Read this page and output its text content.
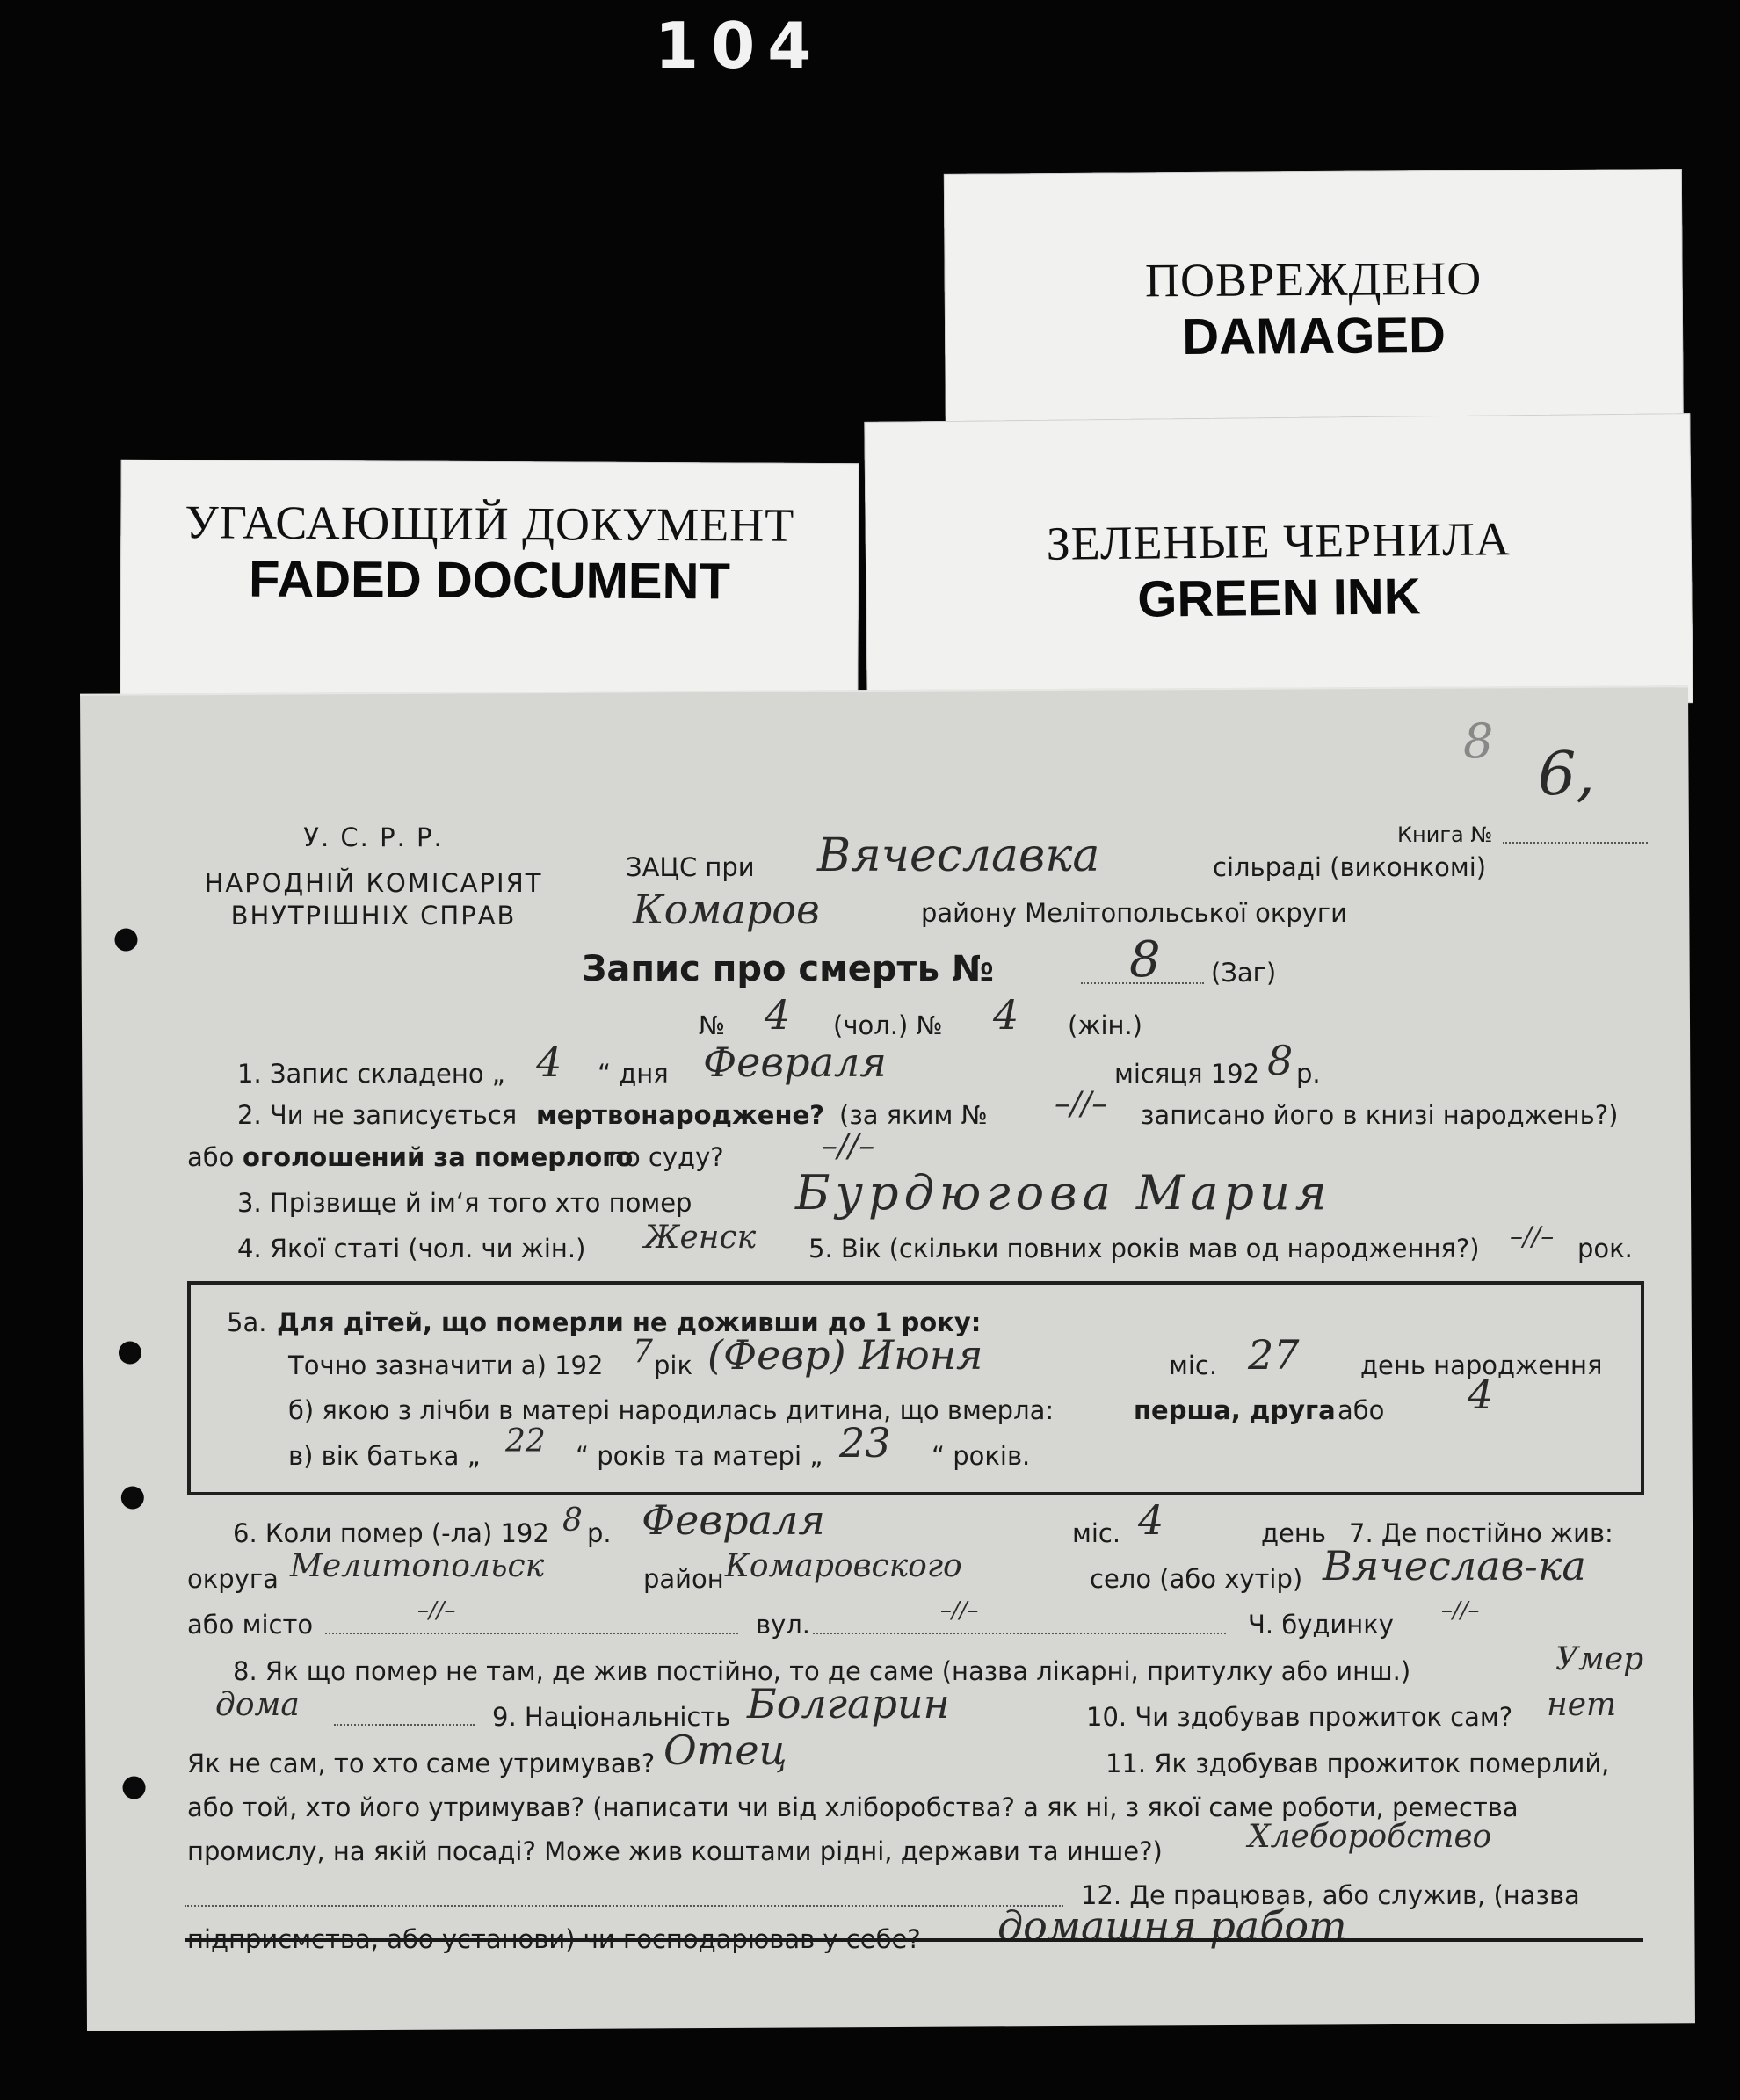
104
ПОВРЕЖДЕНО
DAMAGED
ЗЕЛЕНЫЕ ЧЕРНИЛА
GREEN INK
УГАСАЮЩИЙ ДОКУМЕНТ
FADED DOCUMENT
8
У. С. Р. Р.
НАРОДНІЙ КОМІСАРІЯТ
ВНУТРІШНІХ СПРАВ
Книга №
6,
ЗАЦС при Вячеславка	сільраді (виконкомі)
Комаров	району Мелітопольської округи
Запис про смерть №	8 (Заг)
№ 4 (чол.) № 4 (жін.)
1. Запис складено „ 4 “ дня Февраля	місяця 192 8 р.
2. Чи не записується мертвонароджене? (за яким № –//– записано його в книзі народжень?)
або оголошений за померлого
по суду?	–//–
3. Прізвище й ім‘я того хто помер Бурдюгова Мария
4. Якої статі (чол. чи жін.) Женск 5. Вік (скільки повних років мав од народження?) –//– рок.
5а. Для дітей, що померли не доживши до 1 року:
Точно зазначити а) 192 7 рік (Февр) Июня	міс. 27 день народження
б) якою з лічби в матері народилась дитина, що вмерла:	перша, друга або 4
в) вік батька „ 22 “ років та матері „ 23 “ років.
6. Коли помер (-ла) 192 8 р. Февраля	міс. 4	день 7. Де постійно жив:
округа Мелитопольск	район Комаровского	село (або хутір) Вячеслав-ка
або місто	–//–	вул.	–//–	Ч. будинку –//–
8. Як що помер не там, де жив постійно, то де саме (назва лікарні, притулку або инш.)	Умер
дома	9. Національність Болгарин	10. Чи здобував прожиток сам? нет
Як не сам, то хто саме утримував? Отец	11. Як здобував прожиток померлий,
або той, хто його утримував? (написати чи від хліборобства? а як ні, з якої саме роботи, ремества
промислу, на якій посаді? Може жив коштами рідні, держави та инше?)	Хлеборобство
12. Де працював, або служив, (назва
підприємства, або установи) чи господарював у себе? домашня работ
